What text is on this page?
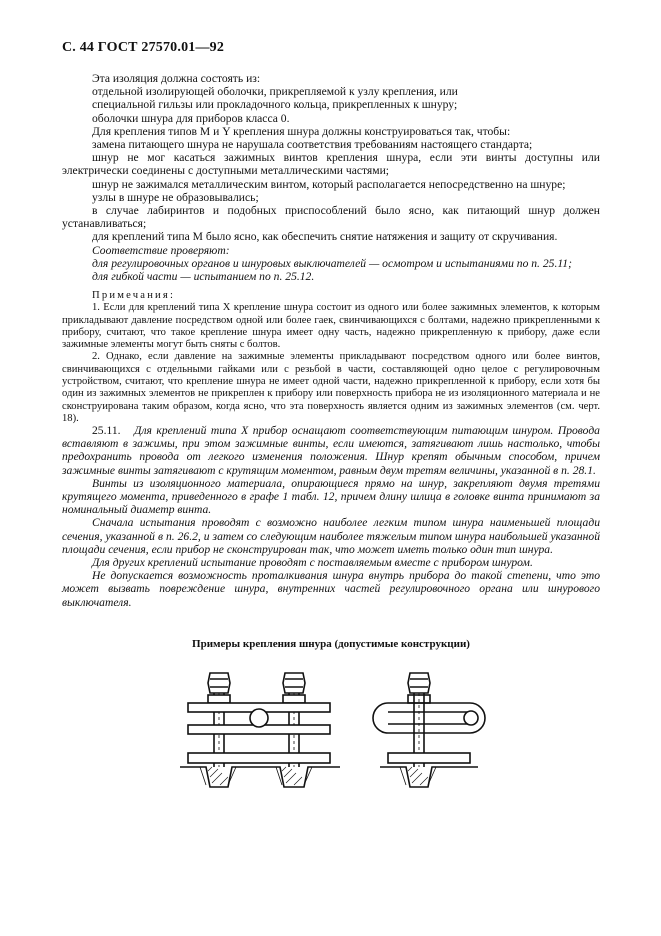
С. 44 ГОСТ 27570.01—92

Эта изоляция должна состоять из:

отдельной изолирующей оболочки, прикрепляемой к узлу крепления, или

специальной гильзы или прокладочного кольца, прикрепленных к шнуру;

оболочки шнура для приборов класса 0.

Для крепления типов М и Y крепления шнура должны конструироваться так, чтобы:

замена питающего шнура не нарушала соответствия требованиям настоящего стандарта;

шнур не мог касаться зажимных винтов крепления шнура, если эти винты доступны или электрически соединены с доступными металлическими частями;

шнур не зажимался металлическим винтом, который располагается непосредственно на шнуре;

узлы в шнуре не образовывались;

в случае лабиринтов и подобных приспособлений было ясно, как питающий шнур должен устанавливаться;

для креплений типа М было ясно, как обеспечить снятие натяжения и защиту от скручивания.

Соответствие проверяют:

для регулировочных органов и шнуровых выключателей — осмотром и испытаниями по п. 25.11;

для гибкой части — испытанием по п. 25.12.

Примечания:

1. Если для креплений типа X крепление шнура состоит из одного или более зажимных элементов, к которым прикладывают давление посредством одной или более гаек, свинчивающихся с болтами, надежно прикрепленными к прибору, считают, что такое крепление шнура имеет одну часть, надежно прикрепленную к прибору, даже если зажимные элементы могут быть сняты с болтов.

2. Однако, если давление на зажимные элементы прикладывают посредством одного или более винтов, свинчивающихся с отдельными гайками или с резьбой в части, составляющей одно целое с регулировочным устройством, считают, что крепление шнура не имеет одной части, надежно прикрепленной к прибору, если хотя бы один из зажимных элементов не прикреплен к прибору или поверхность прибора не из изоляционного материала и не сконструирована таким образом, когда ясно, что эта поверхность является одним из зажимных элементов (см. черт. 18).

25.11. Для креплений типа X прибор оснащают соответствующим питающим шнуром. Провода вставляют в зажимы, при этом зажимные винты, если имеются, затягивают лишь настолько, чтобы предохранить провода от легкого изменения положения. Шнур крепят обычным способом, причем зажимные винты затягивают с крутящим моментом, равным двум третям величины, указанной в п. 28.1.

Винты из изоляционного материала, опирающиеся прямо на шнур, закрепляют двумя третями крутящего момента, приведенного в графе 1 табл. 12, причем длину шлица в головке винта принимают за номинальный диаметр винта.

Сначала испытания проводят с возможно наиболее легким типом шнура наименьшей площади сечения, указанной в п. 26.2, и затем со следующим наиболее тяжелым типом шнура наибольшей указанной площади сечения, если прибор не сконструирован так, что может иметь только один тип шнура.

Для других креплений испытание проводят с поставляемым вместе с прибором шнуром.

Не допускается возможность проталкивания шнура внутрь прибора до такой степени, что это может вызвать повреждение шнура, внутренних частей регулировочного органа или шнурового выключателя.

Примеры крепления шнура (допустимые конструкции)
